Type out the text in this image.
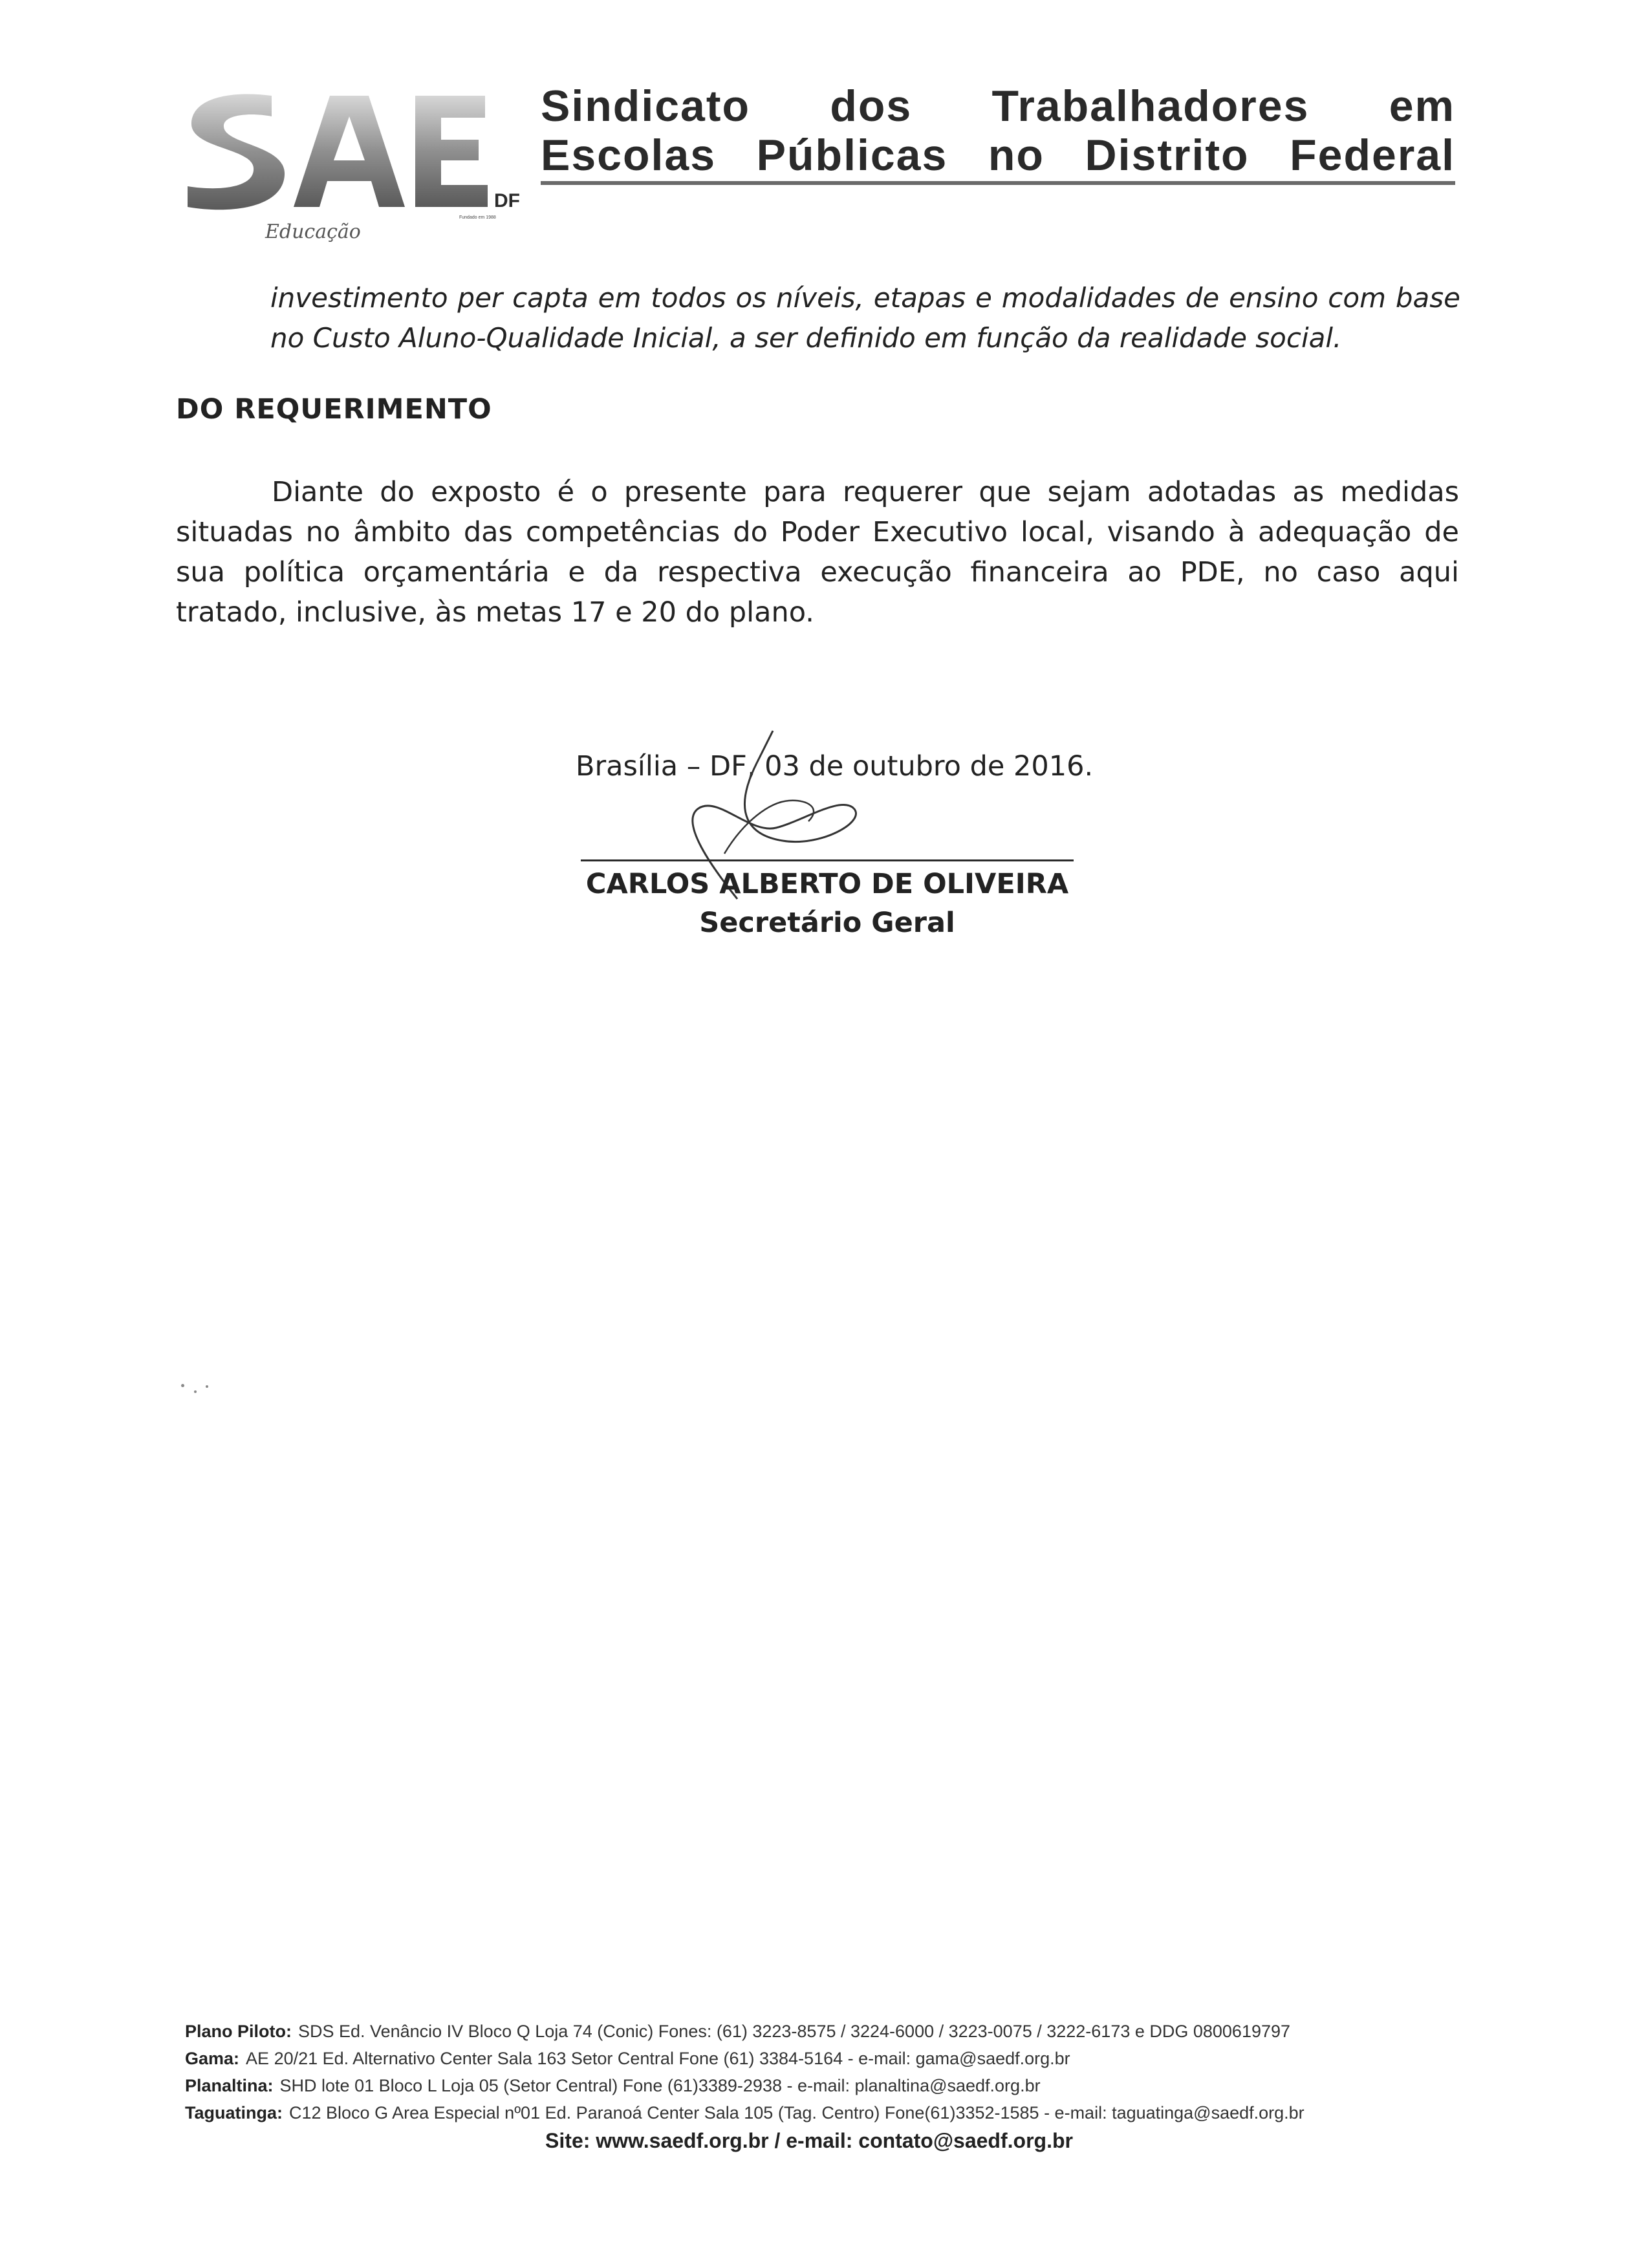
DF
Fundado em 1988
Educação
Sindicato dos Trabalhadores em
Escolas Públicas no Distrito Federal

investimento per capta em todos os níveis, etapas e modalidades de ensino com base no Custo Aluno-Qualidade Inicial, a ser definido em função da realidade social.

DO REQUERIMENTO

Diante do exposto é o presente para requerer que sejam adotadas as medidas situadas no âmbito das competências do Poder Executivo local, visando à adequação de sua política orçamentária e da respectiva execução financeira ao PDE, no caso aqui tratado, inclusive, às metas 17 e 20 do plano.

Brasília – DF, 03 de outubro de 2016.
CARLOS ALBERTO DE OLIVEIRA
Secretário Geral
Plano Piloto: SDS Ed. Venâncio IV Bloco Q Loja 74 (Conic) Fones: (61) 3223-8575 / 3224-6000 / 3223-0075 / 3222-6173 e DDG 0800619797
Gama: AE 20/21 Ed. Alternativo Center Sala 163 Setor Central Fone (61) 3384-5164 - e-mail: gama@saedf.org.br
Planaltina: SHD lote 01 Bloco L Loja 05 (Setor Central) Fone (61)3389-2938 - e-mail: planaltina@saedf.org.br
Taguatinga: C12 Bloco G Area Especial nº01 Ed. Paranoá Center Sala 105 (Tag. Centro) Fone(61)3352-1585 - e-mail: taguatinga@saedf.org.br
Site: www.saedf.org.br / e-mail: contato@saedf.org.br
